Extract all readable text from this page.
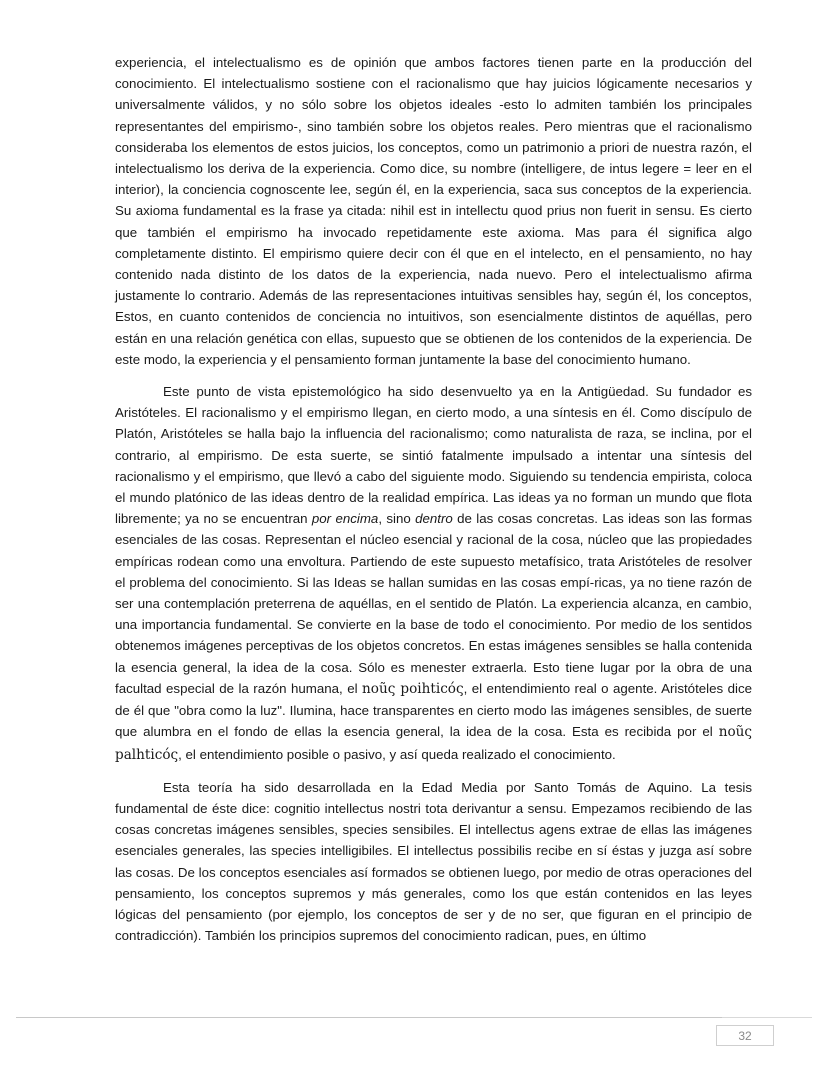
experiencia, el intelectualismo es de opinión que ambos factores tienen parte en la producción del conocimiento. El intelectualismo sostiene con el racionalismo que hay juicios lógicamente necesarios y universalmente válidos, y no sólo sobre los objetos ideales -esto lo admiten también los principales representantes del empirismo-, sino también sobre los objetos reales. Pero mientras que el racionalismo consideraba los elementos de estos juicios, los conceptos, como un patrimonio a priori de nuestra razón, el intelectualismo los deriva de la experiencia. Como dice, su nombre (intelligere, de intus legere = leer en el interior), la conciencia cognoscente lee, según él, en la experiencia, saca sus conceptos de la experiencia. Su axioma fundamental es la frase ya citada: nihil est in intellectu quod prius non fuerit in sensu. Es cierto que también el empirismo ha invocado repetidamente este axioma. Mas para él significa algo completamente distinto. El empirismo quiere decir con él que en el intelecto, en el pensamiento, no hay contenido nada distinto de los datos de la experiencia, nada nuevo. Pero el intelectualismo afirma justamente lo contrario. Además de las representaciones intuitivas sensibles hay, según él, los conceptos, Estos, en cuanto contenidos de conciencia no intuitivos, son esencialmente distintos de aquéllas, pero están en una relación genética con ellas, supuesto que se obtienen de los contenidos de la experiencia. De este modo, la experiencia y el pensamiento forman juntamente la base del conocimiento humano.

Este punto de vista epistemológico ha sido desenvuelto ya en la Antigüedad. Su fundador es Aristóteles. El racionalismo y el empirismo llegan, en cierto modo, a una síntesis en él. Como discípulo de Platón, Aristóteles se halla bajo la influencia del racionalismo; como naturalista de raza, se inclina, por el contrario, al empirismo. De esta suerte, se sintió fatalmente impulsado a intentar una síntesis del racionalismo y el empirismo, que llevó a cabo del siguiente modo. Siguiendo su tendencia empirista, coloca el mundo platónico de las ideas dentro de la realidad empírica. Las ideas ya no forman un mundo que flota libremente; ya no se encuentran por encima, sino dentro de las cosas concretas. Las ideas son las formas esenciales de las cosas. Representan el núcleo esencial y racional de la cosa, núcleo que las propiedades empíricas rodean como una envoltura. Partiendo de este supuesto metafísico, trata Aristóteles de resolver el problema del conocimiento. Si las Ideas se hallan sumidas en las cosas empí-ricas, ya no tiene razón de ser una contemplación preterrena de aquéllas, en el sentido de Platón. La experiencia alcanza, en cambio, una importancia fundamental. Se convierte en la base de todo el conocimiento. Por medio de los sentidos obtenemos imágenes perceptivas de los objetos concretos. En estas imágenes sensibles se halla contenida la esencia general, la idea de la cosa. Sólo es menester extraerla. Esto tiene lugar por la obra de una facultad especial de la razón humana, el noũς poihticóς, el entendimiento real o agente. Aristóteles dice de él que "obra como la luz". Ilumina, hace transparentes en cierto modo las imágenes sensibles, de suerte que alumbra en el fondo de ellas la esencia general, la idea de la cosa. Esta es recibida por el noũς palhticóς, el entendimiento posible o pasivo, y así queda realizado el conocimiento.

Esta teoría ha sido desarrollada en la Edad Media por Santo Tomás de Aquino. La tesis fundamental de éste dice: cognitio intellectus nostri tota derivantur a sensu. Empezamos recibiendo de las cosas concretas imágenes sensibles, species sensibiles. El intellectus agens extrae de ellas las imágenes esenciales generales, las species intelligibiles. El intellectus possibilis recibe en sí éstas y juzga así sobre las cosas. De los conceptos esenciales así formados se obtienen luego, por medio de otras operaciones del pensamiento, los conceptos supremos y más generales, como los que están contenidos en las leyes lógicas del pensamiento (por ejemplo, los conceptos de ser y de no ser, que figuran en el principio de contradicción). También los principios supremos del conocimiento radican, pues, en último

32
